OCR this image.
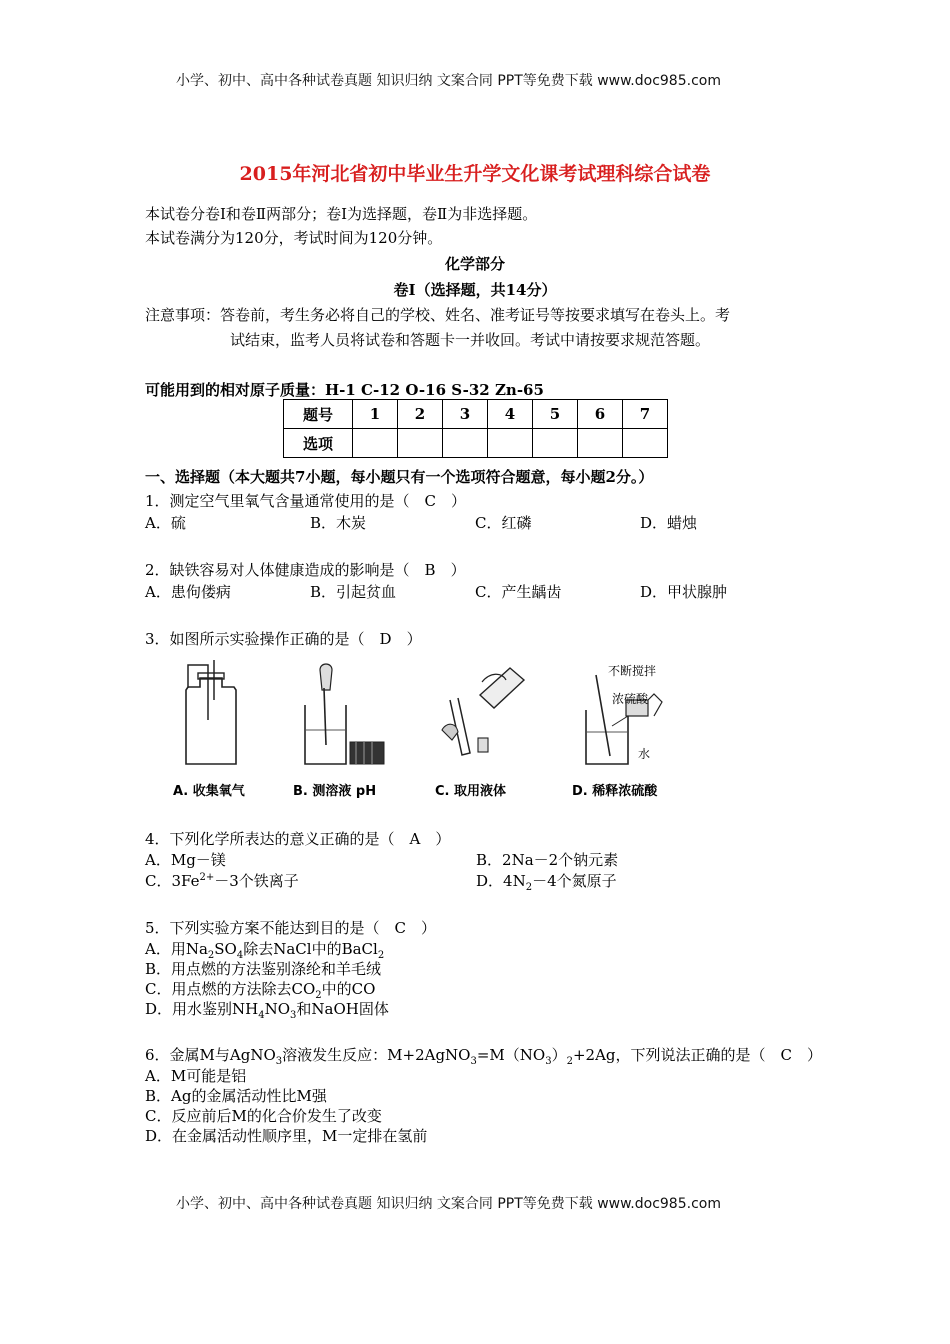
小学、初中、高中各种试卷真题 知识归纳 文案合同 PPT等免费下载 www.doc985.com
2015年河北省初中毕业生升学文化课考试理科综合试卷
本试卷分卷Ⅰ和卷Ⅱ两部分；卷Ⅰ为选择题，卷Ⅱ为非选择题。
本试卷满分为120分，考试时间为120分钟。
化学部分
卷Ⅰ（选择题，共14分）
注意事项：答卷前，考生务必将自己的学校、姓名、准考证号等按要求填写在卷头上。考
试结束，监考人员将试卷和答题卡一并收回。考试中请按要求规范答题。
可能用到的相对原子质量：H-1 C-12 O-16 S-32 Zn-65
题号	1	2	3	4	5	6	7
选项							
一、选择题（本大题共7小题，每小题只有一个选项符合题意，每小题2分。）
1．测定空气里氧气含量通常使用的是（　C　）
A．硫	B．木炭	C．红磷	D．蜡烛
2．缺铁容易对人体健康造成的影响是（　B　）
A．患佝偻病	B．引起贫血	C．产生龋齿	D．甲状腺肿
3．如图所示实验操作正确的是（　D　）
A. 收集氧气	B. 测溶液 pH	C. 取用液体
不断搅拌
浓硫酸
水
D. 稀释浓硫酸
4．下列化学所表达的意义正确的是（　A　）
A．Mg－镁	B．2Na－2个钠元素
C．$3Fe^{2+}-3$个铁离子	D．$4N_2-4$个氮原子
5．下列实验方案不能达到目的是（　C　）
A．用$Na_2SO_4$除去NaCl中的BaCl$_2$
B．用点燃的方法鉴别涤纶和羊毛绒
C．用点燃的方法除去$CO_2$中的CO
D．用水鉴别$NH_4NO_3$和NaOH固体
6．金属M与AgNO$_3$溶液发生反应：$M+2AgNO_3=M(NO_3)_2+2Ag$，下列说法正确的是（　C　）
A．M可能是铝
B．Ag的金属活动性比M强
C．反应前后M的化合价发生了改变
D．在金属活动性顺序里，M一定排在氢前
小学、初中、高中各种试卷真题 知识归纳 文案合同 PPT等免费下载 www.doc985.com
